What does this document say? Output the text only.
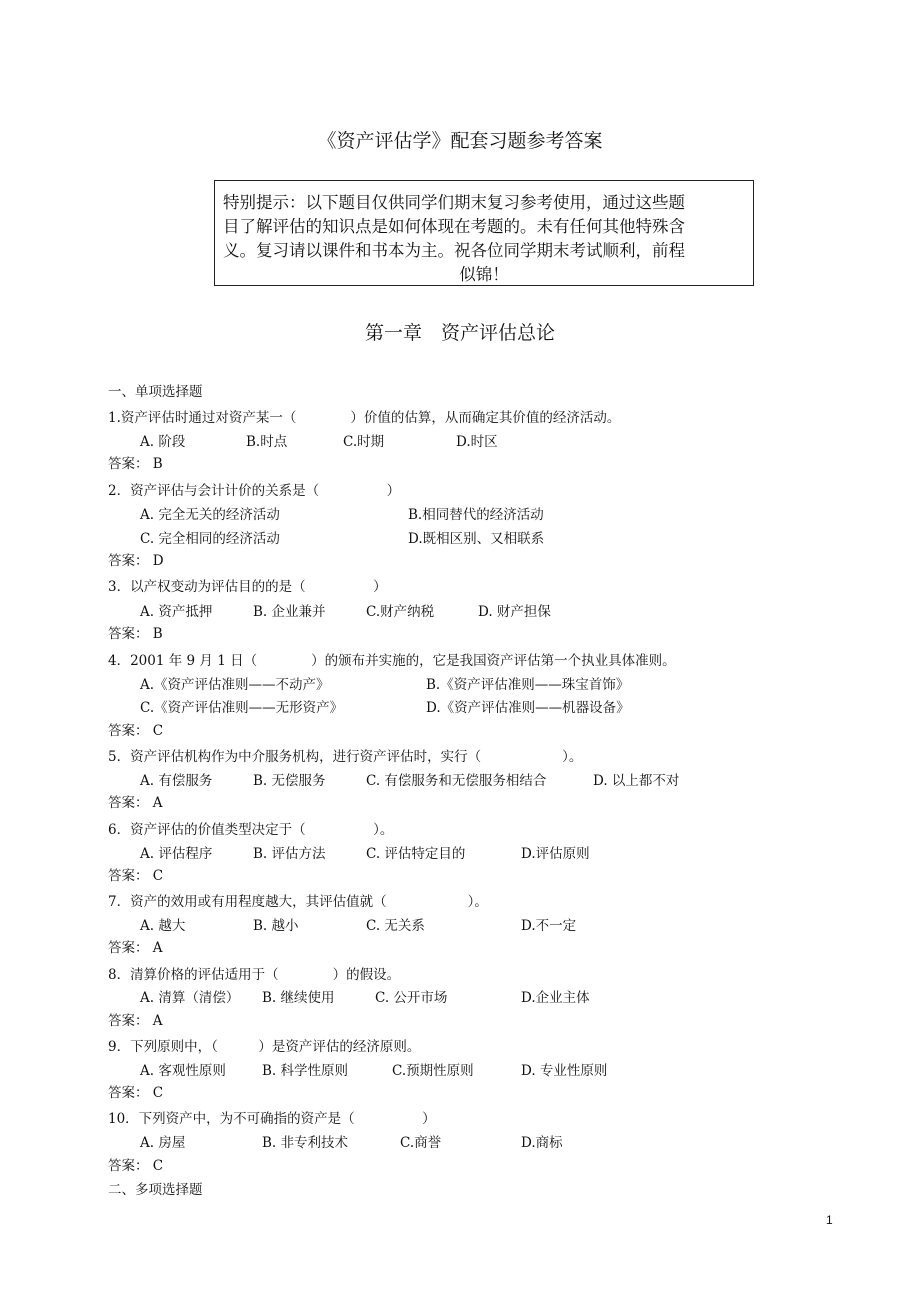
《资产评估学》配套习题参考答案
特别提示：以下题目仅供同学们期末复习参考使用，通过这些题
目了解评估的知识点是如何体现在考题的。未有任何其他特殊含
义。复习请以课件和书本为主。祝各位同学期末考试顺利，前程
似锦！
第一章　资产评估总论
一、单项选择题
1.资产评估时通过对资产某一（　　　　）价值的估算，从而确定其价值的经济活动。
A. 阶段	B.时点	C.时期	D.时区
答案： B
2．资产评估与会计计价的关系是（　　　　　）
A. 完全无关的经济活动	B.相同替代的经济活动
C. 完全相同的经济活动	D.既相区别、又相联系
答案： D
3．以产权变动为评估目的的是（　　　　　）
A. 资产抵押	B. 企业兼并	C.财产纳税	D. 财产担保
答案： B
4．2001 年 9 月 1 日（　　　　）的颁布并实施的，它是我国资产评估第一个执业具体准则。
A.《资产评估准则——不动产》	B.《资产评估准则——珠宝首饰》
C.《资产评估准则——无形资产》	D.《资产评估准则——机器设备》
答案： C
5．资产评估机构作为中介服务机构，进行资产评估时，实行（　　　　　　）。
A. 有偿服务	B. 无偿服务	C. 有偿服务和无偿服务相结合	D. 以上都不对
答案： A
6．资产评估的价值类型决定于（　　　　　）。
A. 评估程序	B. 评估方法	C. 评估特定目的	D.评估原则
答案： C
7．资产的效用或有用程度越大，其评估值就（　　　　　　）。
A. 越大	B. 越小	C. 无关系	D.不一定
答案： A
8．清算价格的评估适用于（　　　　）的假设。
A. 清算（清偿） B. 继续使用	C. 公开市场	D.企业主体
答案： A
9．下列原则中，（　　　）是资产评估的经济原则。
A. 客观性原则	B. 科学性原则	C.预期性原则	D. 专业性原则
答案： C
10．下列资产中，为不可确指的资产是（　　　　　）
A. 房屋	B. 非专利技术	C.商誉	D.商标
答案： C
二、多项选择题
1
